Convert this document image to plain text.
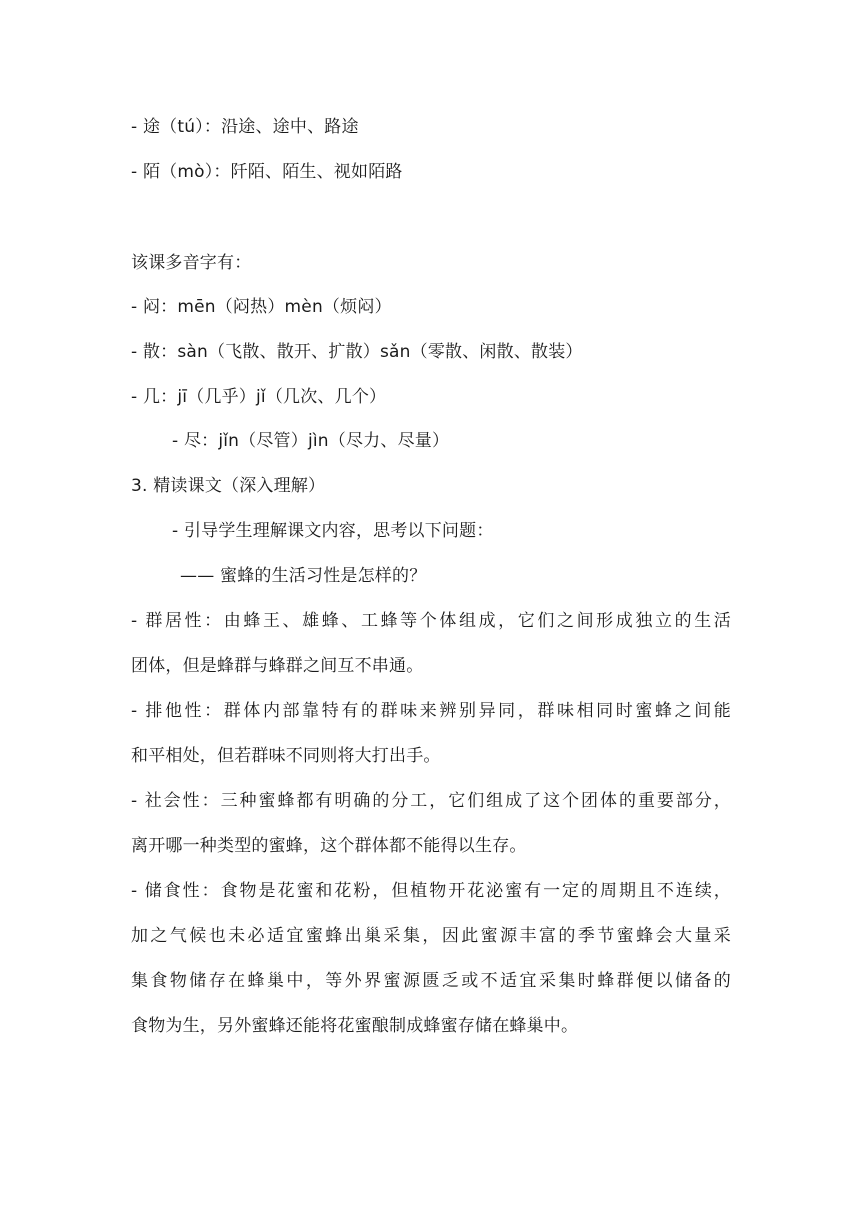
- 途（tú）：沿途、途中、路途
- 陌（mò）：阡陌、陌生、视如陌路
该课多音字有：
- 闷：mēn（闷热）mèn（烦闷）
- 散：sàn（飞散、散开、扩散）sǎn（零散、闲散、散装）
- 几：jī（几乎）jǐ（几次、几个）
- 尽：jǐn（尽管）jìn（尽力、尽量）
3. 精读课文（深入理解）
- 引导学生理解课文内容，思考以下问题：
—— 蜜蜂的生活习性是怎样的？
- 群居性：由蜂王、雄蜂、工蜂等个体组成，它们之间形成独立的生活
团体，但是蜂群与蜂群之间互不串通。
- 排他性：群体内部靠特有的群味来辨别异同，群味相同时蜜蜂之间能
和平相处，但若群味不同则将大打出手。
- 社会性：三种蜜蜂都有明确的分工，它们组成了这个团体的重要部分，
离开哪一种类型的蜜蜂，这个群体都不能得以生存。
- 储食性：食物是花蜜和花粉，但植物开花泌蜜有一定的周期且不连续，
加之气候也未必适宜蜜蜂出巢采集，因此蜜源丰富的季节蜜蜂会大量采
集食物储存在蜂巢中，等外界蜜源匮乏或不适宜采集时蜂群便以储备的
食物为生，另外蜜蜂还能将花蜜酿制成蜂蜜存储在蜂巢中。
